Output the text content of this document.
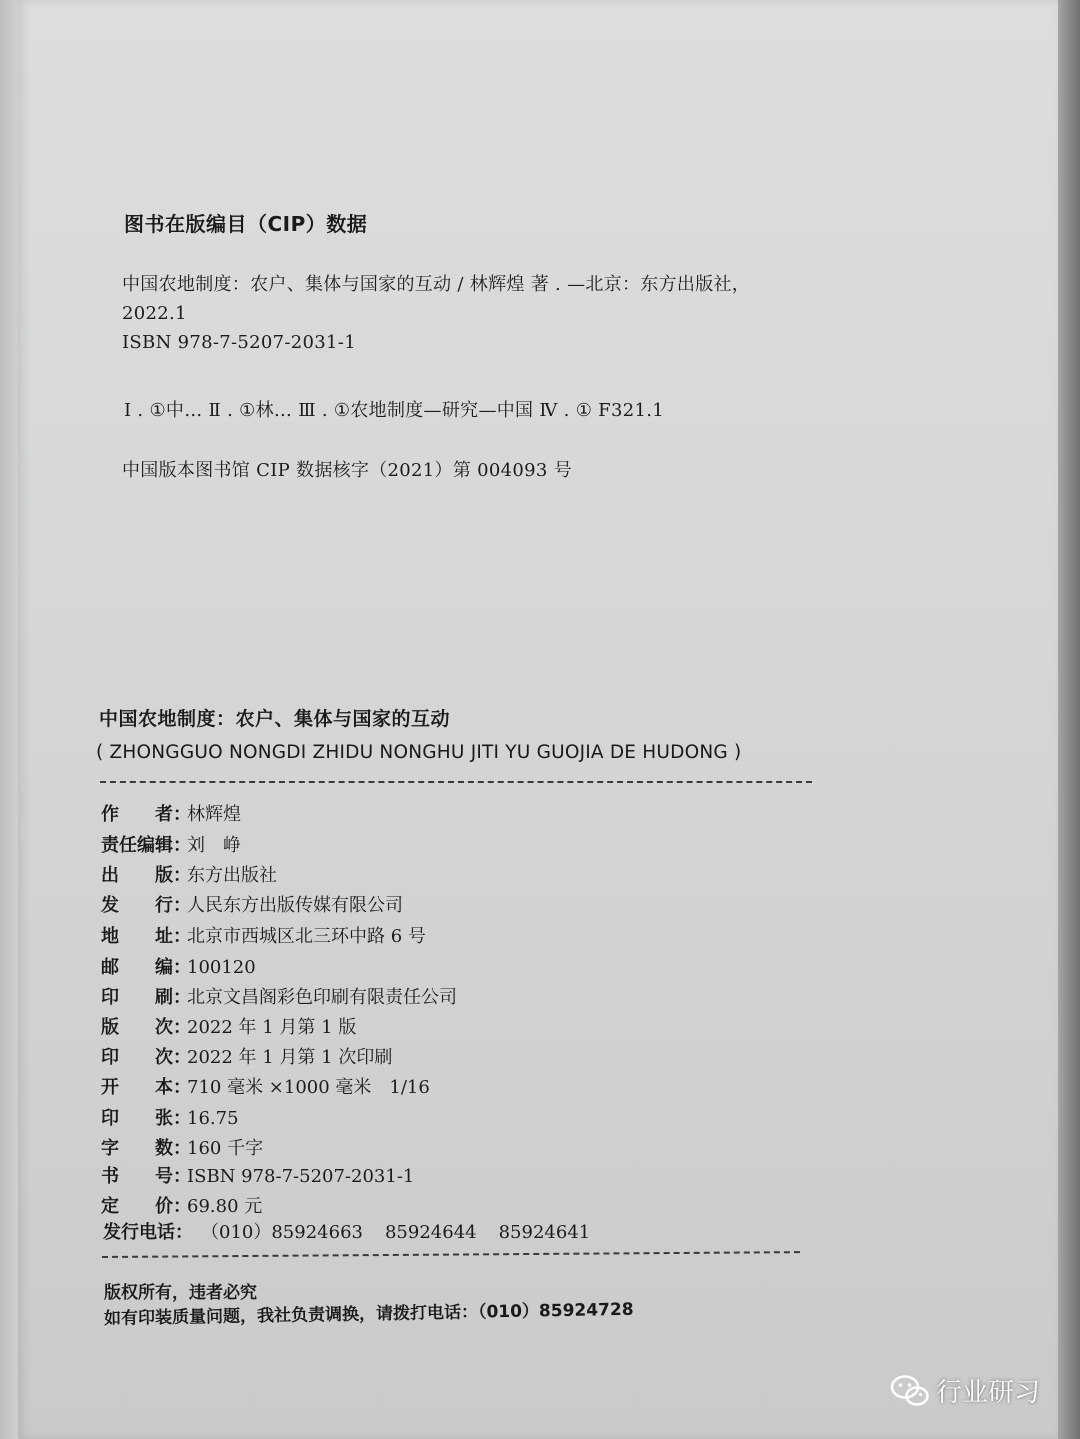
图书在版编目（CIP）数据
中国农地制度：农户、集体与国家的互动 / 林辉煌 著 . —北京：东方出版社，
2022.1
ISBN 978-7-5207-2031-1
Ⅰ . ①中… Ⅱ . ①林… Ⅲ . ①农地制度—研究—中国 Ⅳ . ① F321.1
中国版本图书馆 CIP 数据核字（2021）第 004093 号
中国农地制度：农户、集体与国家的互动
( ZHONGGUO NONGDI ZHIDU NONGHU JITI YU GUOJIA DE HUDONG )
作　　者：
林辉煌
责任编辑：
刘　峥
出　　版：
东方出版社
发　　行：
人民东方出版传媒有限公司
地　　址：
北京市西城区北三环中路 6 号
邮　　编：
100120
印　　刷：
北京文昌阁彩色印刷有限责任公司
版　　次：
2022 年 1 月第 1 版
印　　次：
2022 年 1 月第 1 次印刷
开　　本：
710 毫米 ×1000 毫米　1/16
印　　张：
16.75
字　　数：
160 千字
书　　号：
ISBN 978-7-5207-2031-1
定　　价：
69.80 元
发行电话： （010）85924663 85924644 85924641
版权所有，违者必究
如有印装质量问题，我社负责调换，请拨打电话：（010）85924728
行业研习
